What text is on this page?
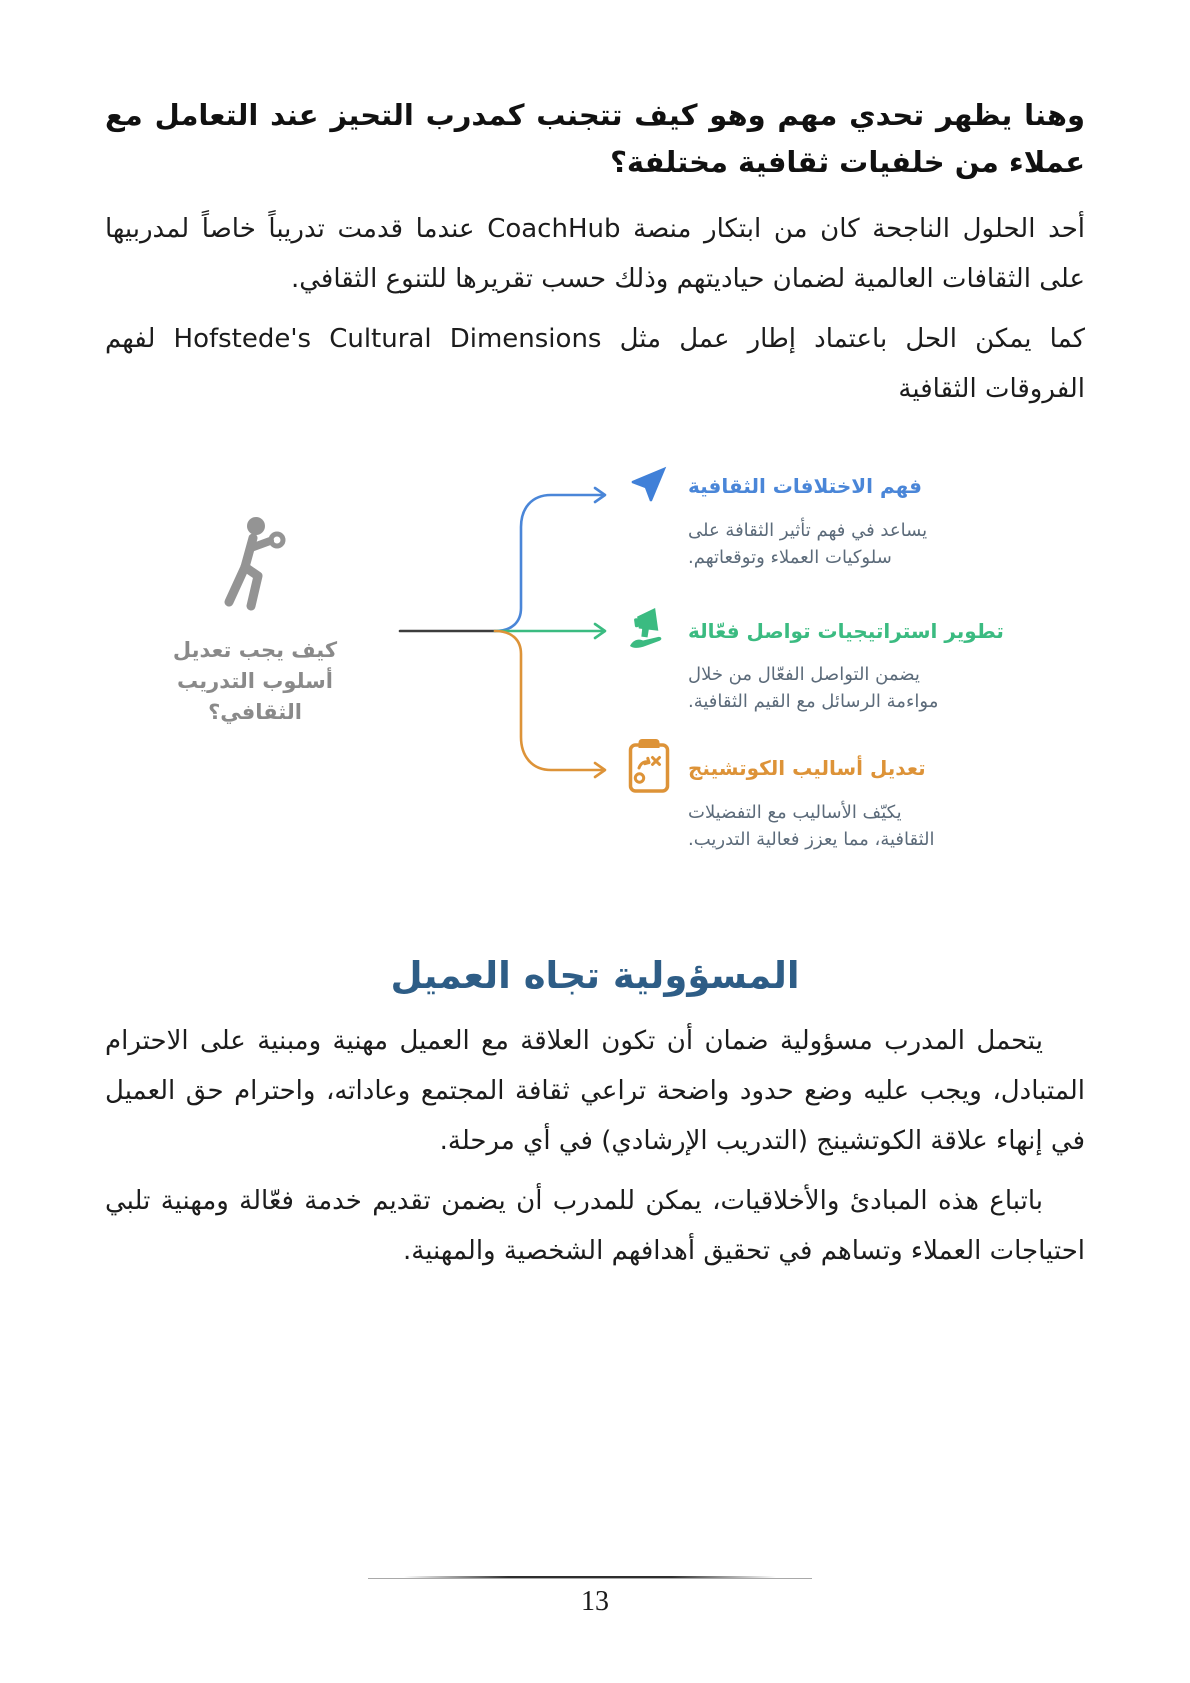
وهنا يظهر تحدي مهم وهو كيف تتجنب كمدرب التحيز عند التعامل مع عملاء من خلفيات ثقافية مختلفة؟

أحد الحلول الناجحة كان من ابتكار منصة CoachHub عندما قدمت تدريباً خاصاً لمدربيها على الثقافات العالمية لضمان حياديتهم وذلك حسب تقريرها للتنوع الثقافي.

كما يمكن الحل باعتماد إطار عمل مثل Hofstede's Cultural Dimensions لفهم الفروقات الثقافية

كيف يجب تعديل أسلوب التدريب الثقافي؟
فهم الاختلافات الثقافية
يساعد في فهم تأثير الثقافة على سلوكيات العملاء وتوقعاتهم.
تطوير استراتيجيات تواصل فعّالة
يضمن التواصل الفعّال من خلال مواءمة الرسائل مع القيم الثقافية.
تعديل أساليب الكوتشينج
يكيّف الأساليب مع التفضيلات الثقافية، مما يعزز فعالية التدريب.
المسؤولية تجاه العميل

يتحمل المدرب مسؤولية ضمان أن تكون العلاقة مع العميل مهنية ومبنية على الاحترام المتبادل، ويجب عليه وضع حدود واضحة تراعي ثقافة المجتمع وعاداته، واحترام حق العميل في إنهاء علاقة الكوتشينج (التدريب الإرشادي) في أي مرحلة.

باتباع هذه المبادئ والأخلاقيات، يمكن للمدرب أن يضمن تقديم خدمة فعّالة ومهنية تلبي احتياجات العملاء وتساهم في تحقيق أهدافهم الشخصية والمهنية.

13
